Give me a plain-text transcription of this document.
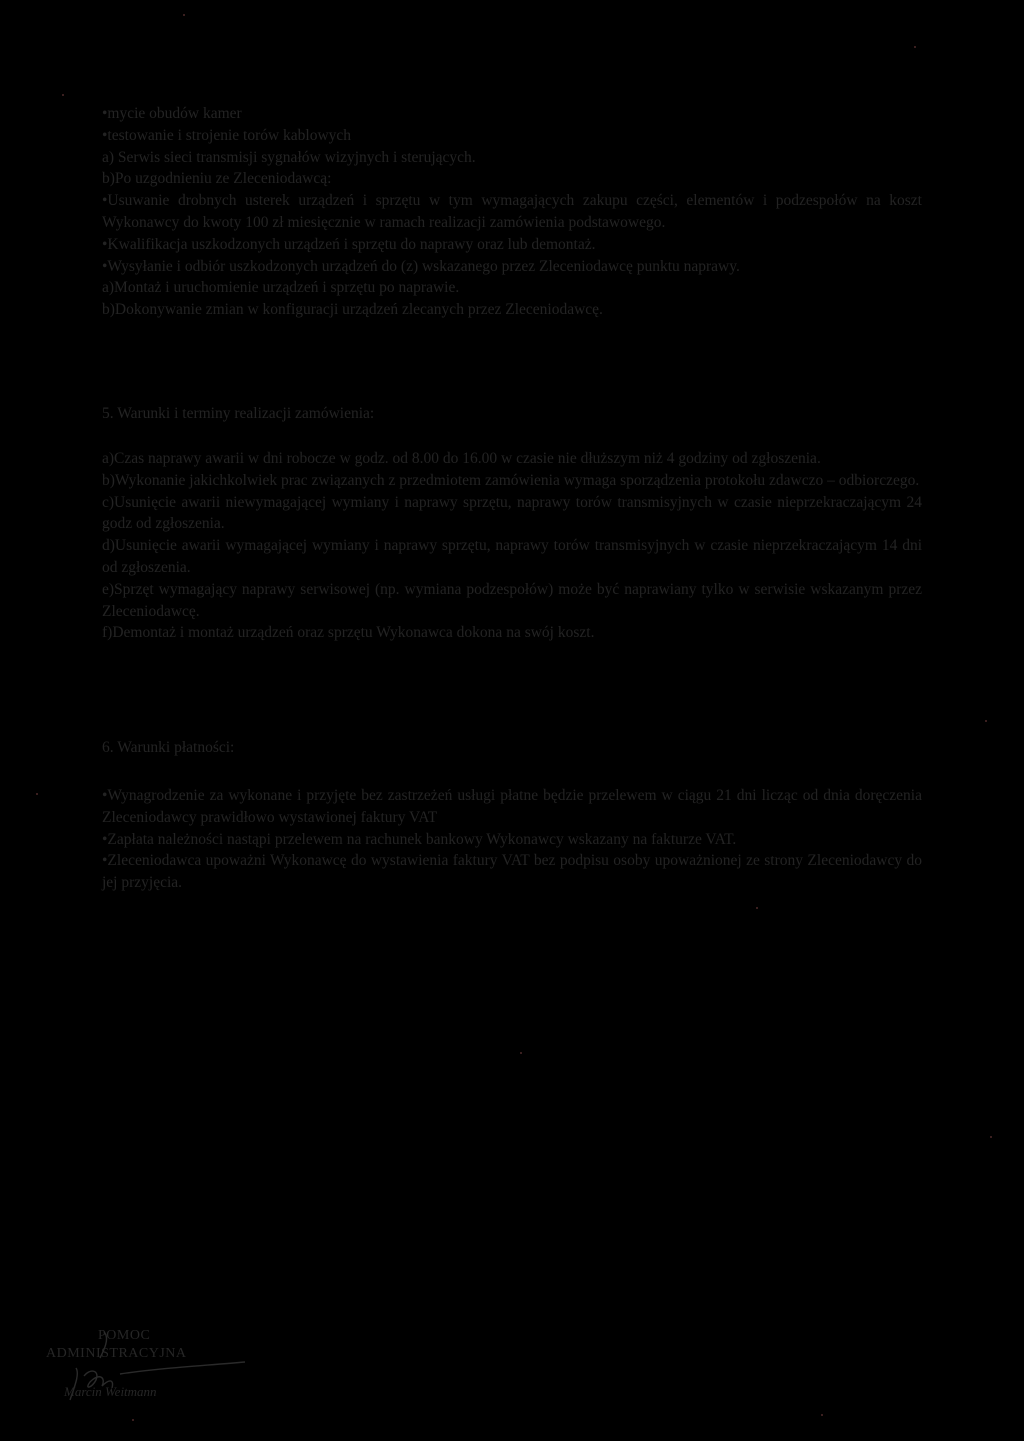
•mycie obudów kamer

•testowanie i strojenie torów kablowych

a) Serwis sieci transmisji sygnałów wizyjnych i sterujących.

b)Po uzgodnieniu ze Zleceniodawcą:

•Usuwanie drobnych usterek urządzeń i sprzętu w tym wymagających zakupu części, elementów i podzespołów na koszt Wykonawcy do kwoty 100 zł miesięcznie w ramach realizacji zamówienia podstawowego.

•Kwalifikacja uszkodzonych urządzeń i sprzętu do naprawy oraz lub demontaż.

•Wysyłanie i odbiór uszkodzonych urządzeń do (z) wskazanego przez Zleceniodawcę punktu naprawy.

a)Montaż i uruchomienie urządzeń i sprzętu po naprawie.

b)Dokonywanie zmian w konfiguracji urządzeń zlecanych przez Zleceniodawcę.

5. Warunki i terminy realizacji zamówienia:

a)Czas naprawy awarii w dni robocze w godz. od 8.00 do 16.00 w czasie nie dłuższym niż 4 godziny od zgłoszenia.

b)Wykonanie jakichkolwiek prac związanych z przedmiotem zamówienia wymaga sporządzenia protokołu zdawczo – odbiorczego.

c)Usunięcie awarii niewymagającej wymiany i naprawy sprzętu, naprawy torów transmisyjnych w czasie nieprzekraczającym 24 godz od zgłoszenia.

d)Usunięcie awarii wymagającej wymiany i naprawy sprzętu, naprawy torów transmisyjnych w czasie nieprzekraczającym 14 dni od zgłoszenia.

e)Sprzęt wymagający naprawy serwisowej (np. wymiana podzespołów) może być naprawiany tylko w serwisie wskazanym przez Zleceniodawcę.

f)Demontaż i montaż urządzeń oraz sprzętu Wykonawca dokona na swój koszt.

6. Warunki płatności:

•Wynagrodzenie za wykonane i przyjęte bez zastrzeżeń usługi płatne będzie przelewem w ciągu 21 dni licząc od dnia doręczenia Zleceniodawcy prawidłowo wystawionej faktury VAT

•Zapłata należności nastąpi przelewem na rachunek bankowy Wykonawcy wskazany na fakturze VAT.

•Zleceniodawca upoważni Wykonawcę do wystawienia faktury VAT bez podpisu osoby upoważnionej ze strony Zleceniodawcy do jej przyjęcia.

POMOC
ADMINISTRACYJNA
Marcin Weitmann
